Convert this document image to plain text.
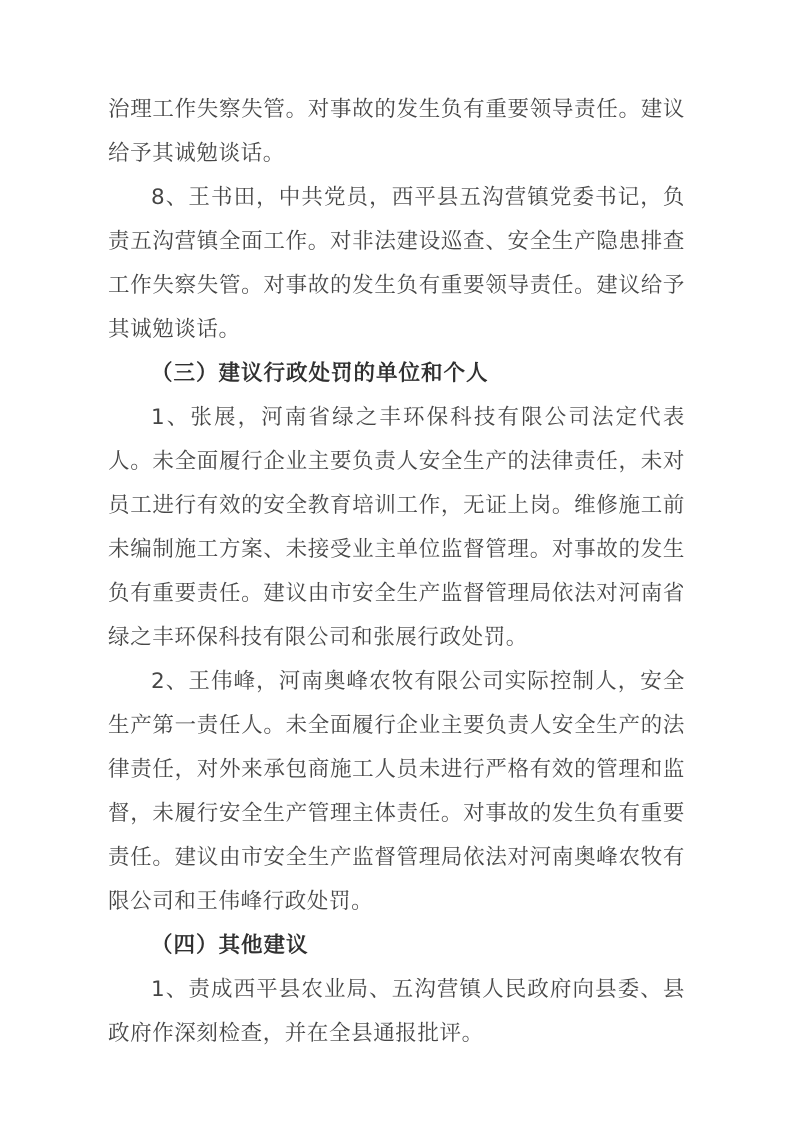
治理工作失察失管。对事故的发生负有重要领导责任。建议给予其诚勉谈话。

8、王书田，中共党员，西平县五沟营镇党委书记，负责五沟营镇全面工作。对非法建设巡查、安全生产隐患排查工作失察失管。对事故的发生负有重要领导责任。建议给予其诚勉谈话。

（三）建议行政处罚的单位和个人

1、张展，河南省绿之丰环保科技有限公司法定代表人。未全面履行企业主要负责人安全生产的法律责任，未对员工进行有效的安全教育培训工作，无证上岗。维修施工前未编制施工方案、未接受业主单位监督管理。对事故的发生负有重要责任。建议由市安全生产监督管理局依法对河南省绿之丰环保科技有限公司和张展行政处罚。

2、王伟峰，河南奥峰农牧有限公司实际控制人，安全生产第一责任人。未全面履行企业主要负责人安全生产的法律责任，对外来承包商施工人员未进行严格有效的管理和监督，未履行安全生产管理主体责任。对事故的发生负有重要责任。建议由市安全生产监督管理局依法对河南奥峰农牧有限公司和王伟峰行政处罚。

（四）其他建议

1、责成西平县农业局、五沟营镇人民政府向县委、县政府作深刻检查，并在全县通报批评。
